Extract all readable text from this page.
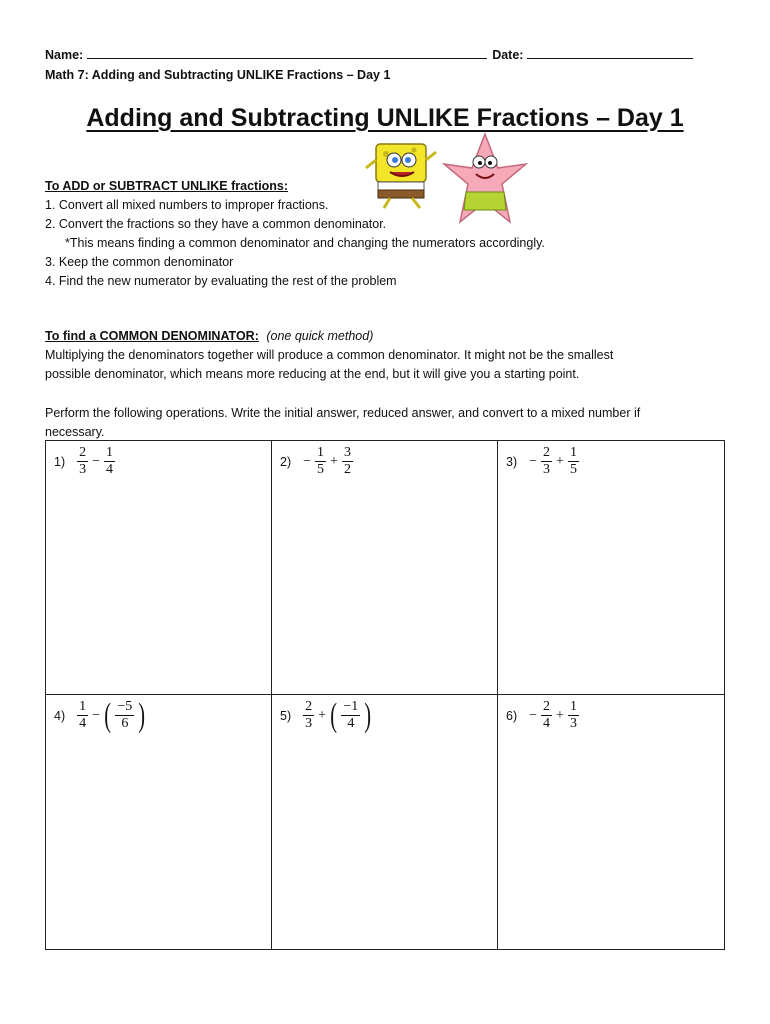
Name:	Date:
Math 7: Adding and Subtracting UNLIKE Fractions – Day 1
Adding and Subtracting UNLIKE Fractions – Day 1
To ADD or SUBTRACT UNLIKE fractions:
1. Convert all mixed numbers to improper fractions.
2. Convert the fractions so they have a common denominator.
*This means finding a common denominator and changing the numerators accordingly.
3. Keep the common denominator
4. Find the new numerator by evaluating the rest of the problem
To find a COMMON DENOMINATOR: (one quick method)
Multiplying the denominators together will produce a common denominator. It might not be the smallest
possible denominator, which means more reducing at the end, but it will give you a starting point.
Perform the following operations. Write the initial answer, reduced answer, and convert to a mixed number if
necessary.
$1) \frac{2}{3} - \frac{1}{4}$	$2) - \frac{1}{5} + \frac{3}{2}$	$3) - \frac{2}{3} + \frac{1}{5}$
$4) \frac{1}{4}$ − ( $\frac{-5}{6}$ )	$5) \frac{2}{3}$ + ( $\frac{-1}{4}$ )	$6) - \frac{2}{4} + \frac{1}{3}$
